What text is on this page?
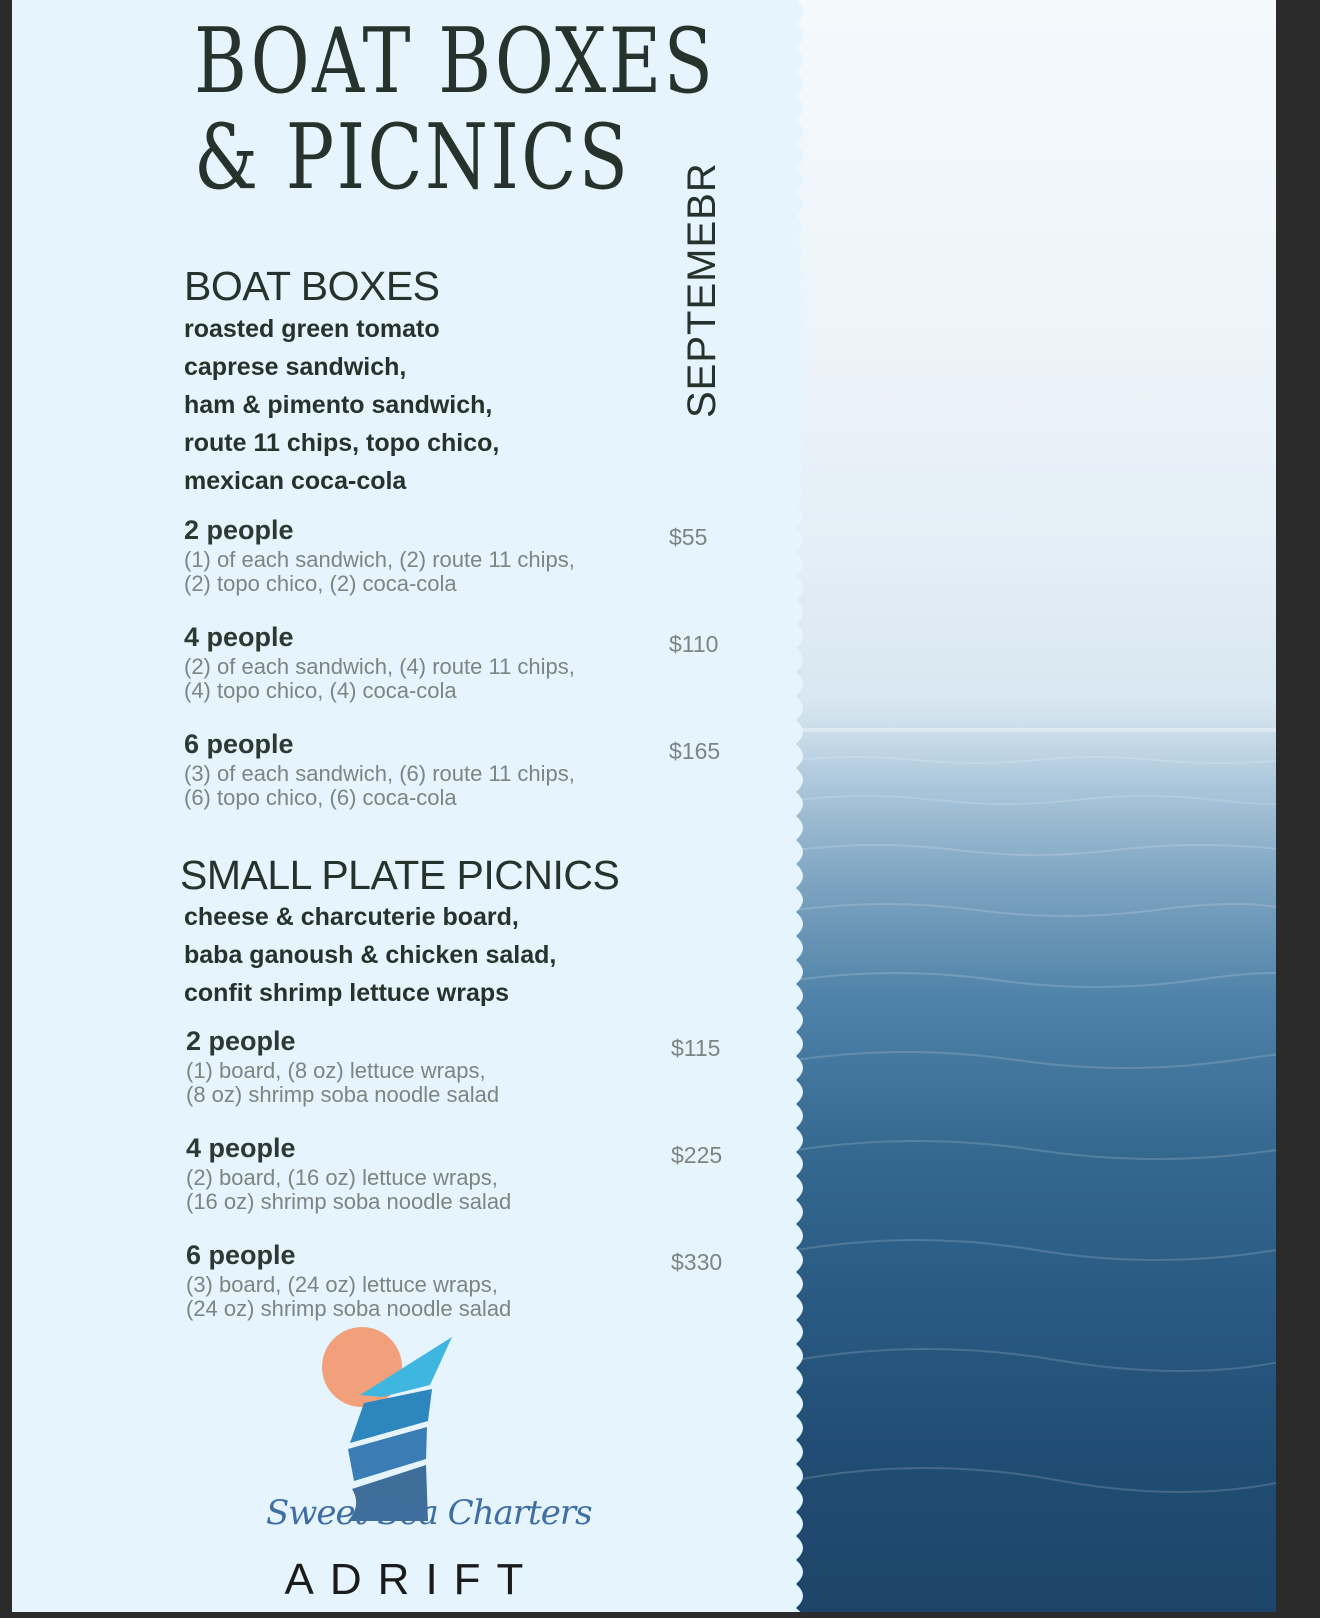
BOAT BOXES
& PICNICS
SEPTEMEBR
BOAT BOXES
roasted green tomato
caprese sandwich,
ham & pimento sandwich,
route 11 chips, topo chico,
mexican coca-cola
2 people
(1) of each sandwich, (2) route 11 chips,
(2) topo chico, (2) coca-cola
$55
4 people
(2) of each sandwich, (4) route 11 chips,
(4) topo chico, (4) coca-cola
$110
6 people
(3) of each sandwich, (6) route 11 chips,
(6) topo chico, (6) coca-cola
$165
SMALL PLATE PICNICS
cheese & charcuterie board,
baba ganoush & chicken salad,
confit shrimp lettuce wraps
2 people
(1) board, (8 oz) lettuce wraps,
(8 oz) shrimp soba noodle salad
$115
4 people
(2) board, (16 oz) lettuce wraps,
(16 oz) shrimp soba noodle salad
$225
6 people
(3) board, (24 oz) lettuce wraps,
(24 oz) shrimp soba noodle salad
$330
Sweet Sea Charters
ADRIFT
